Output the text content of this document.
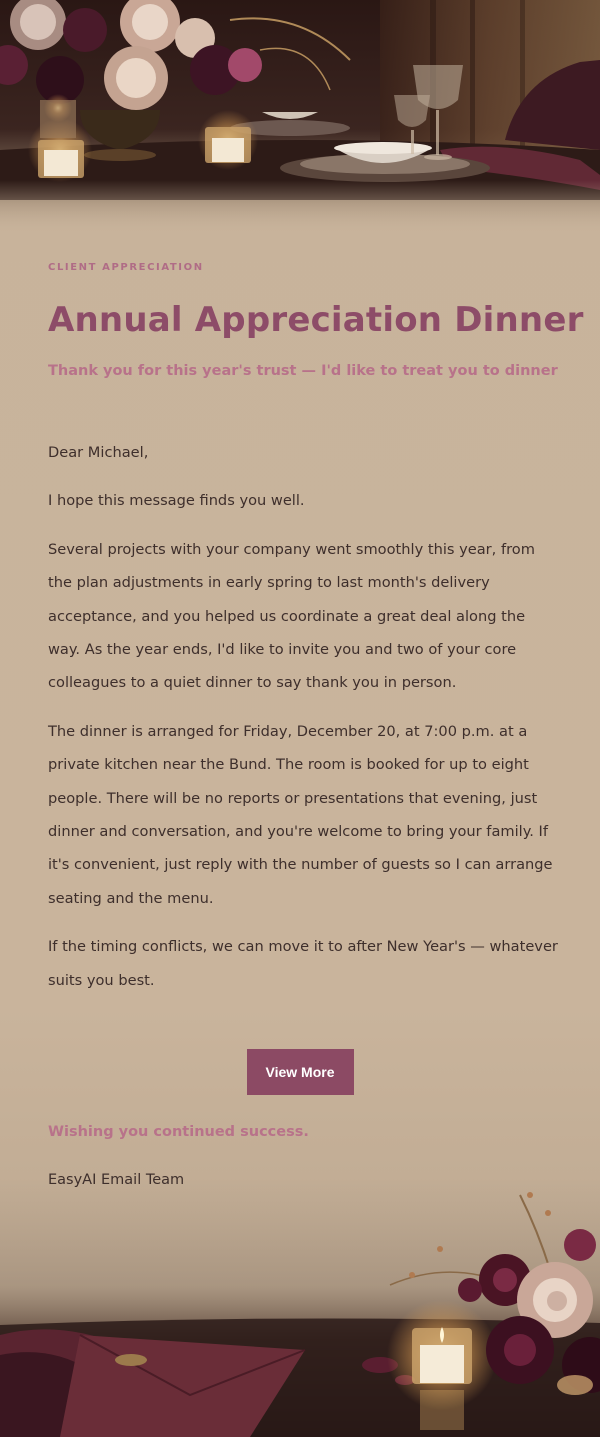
CLIENT APPRECIATION
Annual Appreciation Dinner
Thank you for this year's trust — I'd like to treat you to dinner

Dear Michael,

I hope this message finds you well.

Several projects with your company went smoothly this year, from the plan adjustments in early spring to last month's delivery acceptance, and you helped us coordinate a great deal along the way. As the year ends, I'd like to invite you and two of your core colleagues to a quiet dinner to say thank you in person.

The dinner is arranged for Friday, December 20, at 7:00 p.m. at a private kitchen near the Bund. The room is booked for up to eight people. There will be no reports or presentations that evening, just dinner and conversation, and you're welcome to bring your family. If it's convenient, just reply with the number of guests so I can arrange seating and the menu.

If the timing conflicts, we can move it to after New Year's — whatever suits you best.

View More
Wishing you continued success.
EasyAI Email Team
